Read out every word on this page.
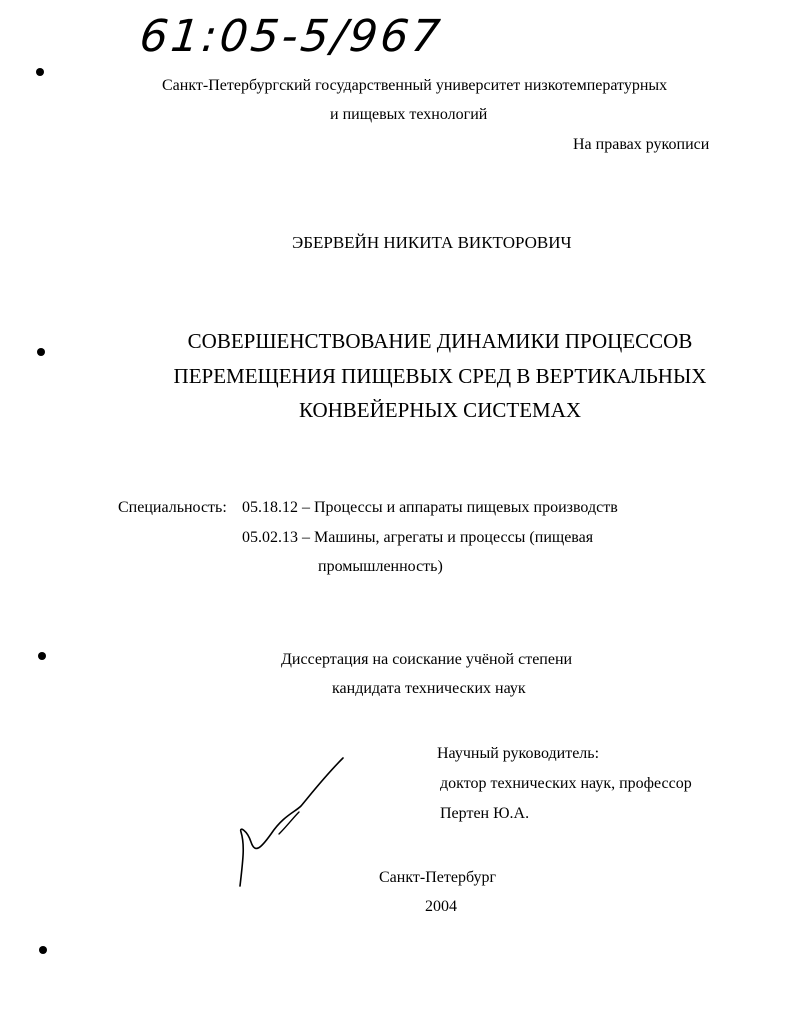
61:05-5/967
Санкт-Петербургский государственный университет низкотемпературных
и пищевых технологий
На правах рукописи
ЭБЕРВЕЙН НИКИТА ВИКТОРОВИЧ
СОВЕРШЕНСТВОВАНИЕ ДИНАМИКИ ПРОЦЕССОВ
ПЕРЕМЕЩЕНИЯ ПИЩЕВЫХ СРЕД В ВЕРТИКАЛЬНЫХ
КОНВЕЙЕРНЫХ СИСТЕМАХ
Специальность: 05.18.12 – Процессы и аппараты пищевых производств
05.02.13 – Машины, агрегаты и процессы (пищевая
промышленность)
Диссертация на соискание учёной степени
кандидата технических наук
Научный руководитель:
доктор технических наук, профессор
Пертен Ю.А.
Санкт-Петербург
2004
